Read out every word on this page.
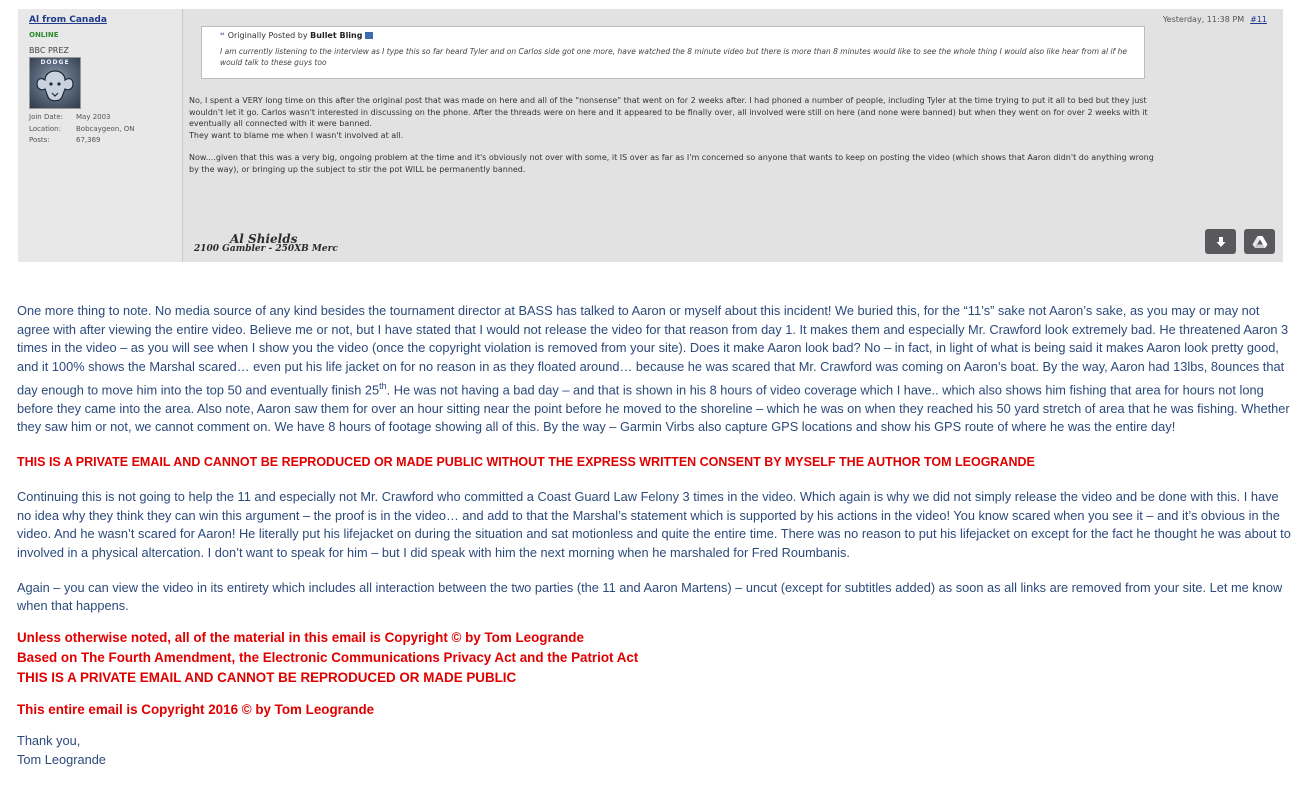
Al from Canada
ONLINE
BBC PREZ
DODGE
Join Date:	May 2003
Location:	Bobcaygeon, ON
Posts:	67,369
Yesterday, 11:38 PM #11
❝ Originally Posted by Bullet Bling
I am currently listening to the interview as I type this so far heard Tyler and on Carlos side got one more, have watched the 8 minute video but there is more than 8 minutes would like to see the whole thing I would also like hear from al if he would talk to these guys too

No, I spent a VERY long time on this after the original post that was made on here and all of the "nonsense" that went on for 2 weeks after. I had phoned a number of people, including Tyler at the time trying to put it all to bed but they just wouldn't let it go. Carlos wasn't interested in discussing on the phone. After the threads were on here and it appeared to be finally over, all involved were still on here (and none were banned) but when they went on for over 2 weeks with it eventually all connected with it were banned.
They want to blame me when I wasn't involved at all.

Now....given that this was a very big, ongoing problem at the time and it's obviously not over with some, it IS over as far as I'm concerned so anyone that wants to keep on posting the video (which shows that Aaron didn't do anything wrong by the way), or bringing up the subject to stir the pot WILL be permanently banned.

Al Shields
2100 Gambler - 250XB Merc

One more thing to note. No media source of any kind besides the tournament director at BASS has talked to Aaron or myself about this incident! We buried this, for the “11’s” sake not Aaron’s sake, as you may or may not agree with after viewing the entire video. Believe me or not, but I have stated that I would not release the video for that reason from day 1. It makes them and especially Mr. Crawford look extremely bad. He threatened Aaron 3 times in the video – as you will see when I show you the video (once the copyright violation is removed from your site). Does it make Aaron look bad? No – in fact, in light of what is being said it makes Aaron look pretty good, and it 100% shows the Marshal scared… even put his life jacket on for no reason in as they floated around… because he was scared that Mr. Crawford was coming on Aaron’s boat. By the way, Aaron had 13lbs, 8ounces that day enough to move him into the top 50 and eventually finish 25th. He was not having a bad day – and that is shown in his 8 hours of video coverage which I have.. which also shows him fishing that area for hours not long before they came into the area. Also note, Aaron saw them for over an hour sitting near the point before he moved to the shoreline – which he was on when they reached his 50 yard stretch of area that he was fishing. Whether they saw him or not, we cannot comment on. We have 8 hours of footage showing all of this. By the way – Garmin Virbs also capture GPS locations and show his GPS route of where he was the entire day!

THIS IS A PRIVATE EMAIL AND CANNOT BE REPRODUCED OR MADE PUBLIC WITHOUT THE EXPRESS WRITTEN CONSENT BY MYSELF THE AUTHOR TOM LEOGRANDE

Continuing this is not going to help the 11 and especially not Mr. Crawford who committed a Coast Guard Law Felony 3 times in the video. Which again is why we did not simply release the video and be done with this. I have no idea why they think they can win this argument – the proof is in the video… and add to that the Marshal’s statement which is supported by his actions in the video! You know scared when you see it – and it’s obvious in the video. And he wasn’t scared for Aaron! He literally put his lifejacket on during the situation and sat motionless and quite the entire time. There was no reason to put his lifejacket on except for the fact he thought he was about to involved in a physical altercation. I don’t want to speak for him – but I did speak with him the next morning when he marshaled for Fred Roumbanis.

Again – you can view the video in its entirety which includes all interaction between the two parties (the 11 and Aaron Martens) – uncut (except for subtitles added) as soon as all links are removed from your site. Let me know when that happens.

Unless otherwise noted, all of the material in this email is Copyright © by Tom Leogrande

Based on The Fourth Amendment, the Electronic Communications Privacy Act and the Patriot Act

THIS IS A PRIVATE EMAIL AND CANNOT BE REPRODUCED OR MADE PUBLIC

This entire email is Copyright 2016 © by Tom Leogrande

Thank you,

Tom Leogrande
